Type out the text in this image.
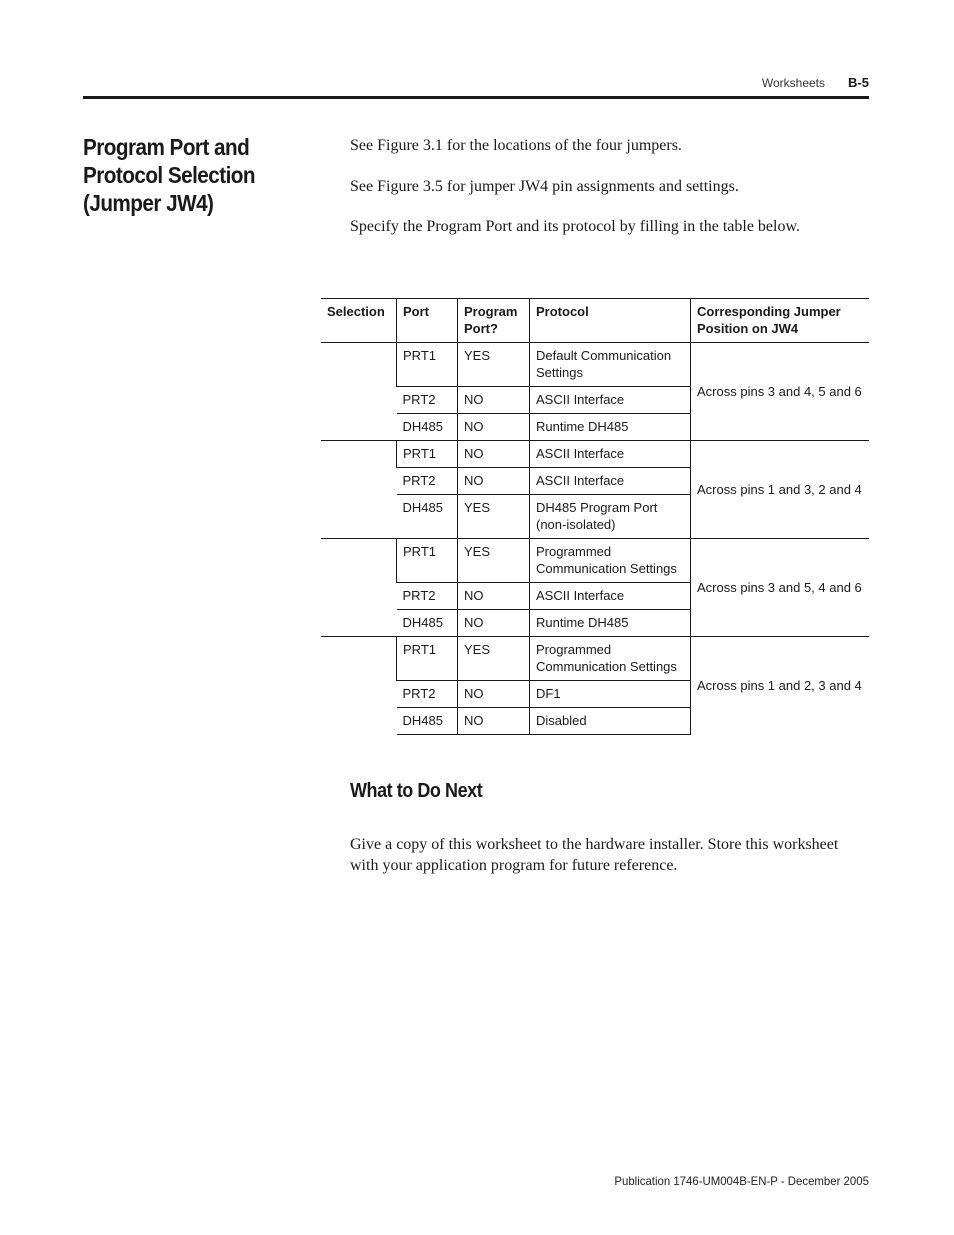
Worksheets B-5
Program Port and Protocol Selection (Jumper JW4)

See Figure 3.1 for the locations of the four jumpers.

See Figure 3.5 for jumper JW4 pin assignments and settings.

Specify the Program Port and its protocol by filling in the table below.

Selection	Port	Program Port?	Protocol	Corresponding Jumper Position on JW4
	PRT1	YES	Default Communication Settings	Across pins 3 and 4, 5 and 6
	PRT2	NO	ASCII Interface	
	DH485	NO	Runtime DH485	
	PRT1	NO	ASCII Interface	Across pins 1 and 3, 2 and 4
	PRT2	NO	ASCII Interface	
	DH485	YES	DH485 Program Port (non-isolated)	
	PRT1	YES	Programmed Communication Settings	Across pins 3 and 5, 4 and 6
	PRT2	NO	ASCII Interface	
	DH485	NO	Runtime DH485	
	PRT1	YES	Programmed Communication Settings	Across pins 1 and 2, 3 and 4
	PRT2	NO	DF1	
	DH485	NO	Disabled	
What to Do Next

Give a copy of this worksheet to the hardware installer. Store this worksheet with your application program for future reference.

Publication 1746-UM004B-EN-P - December 2005
